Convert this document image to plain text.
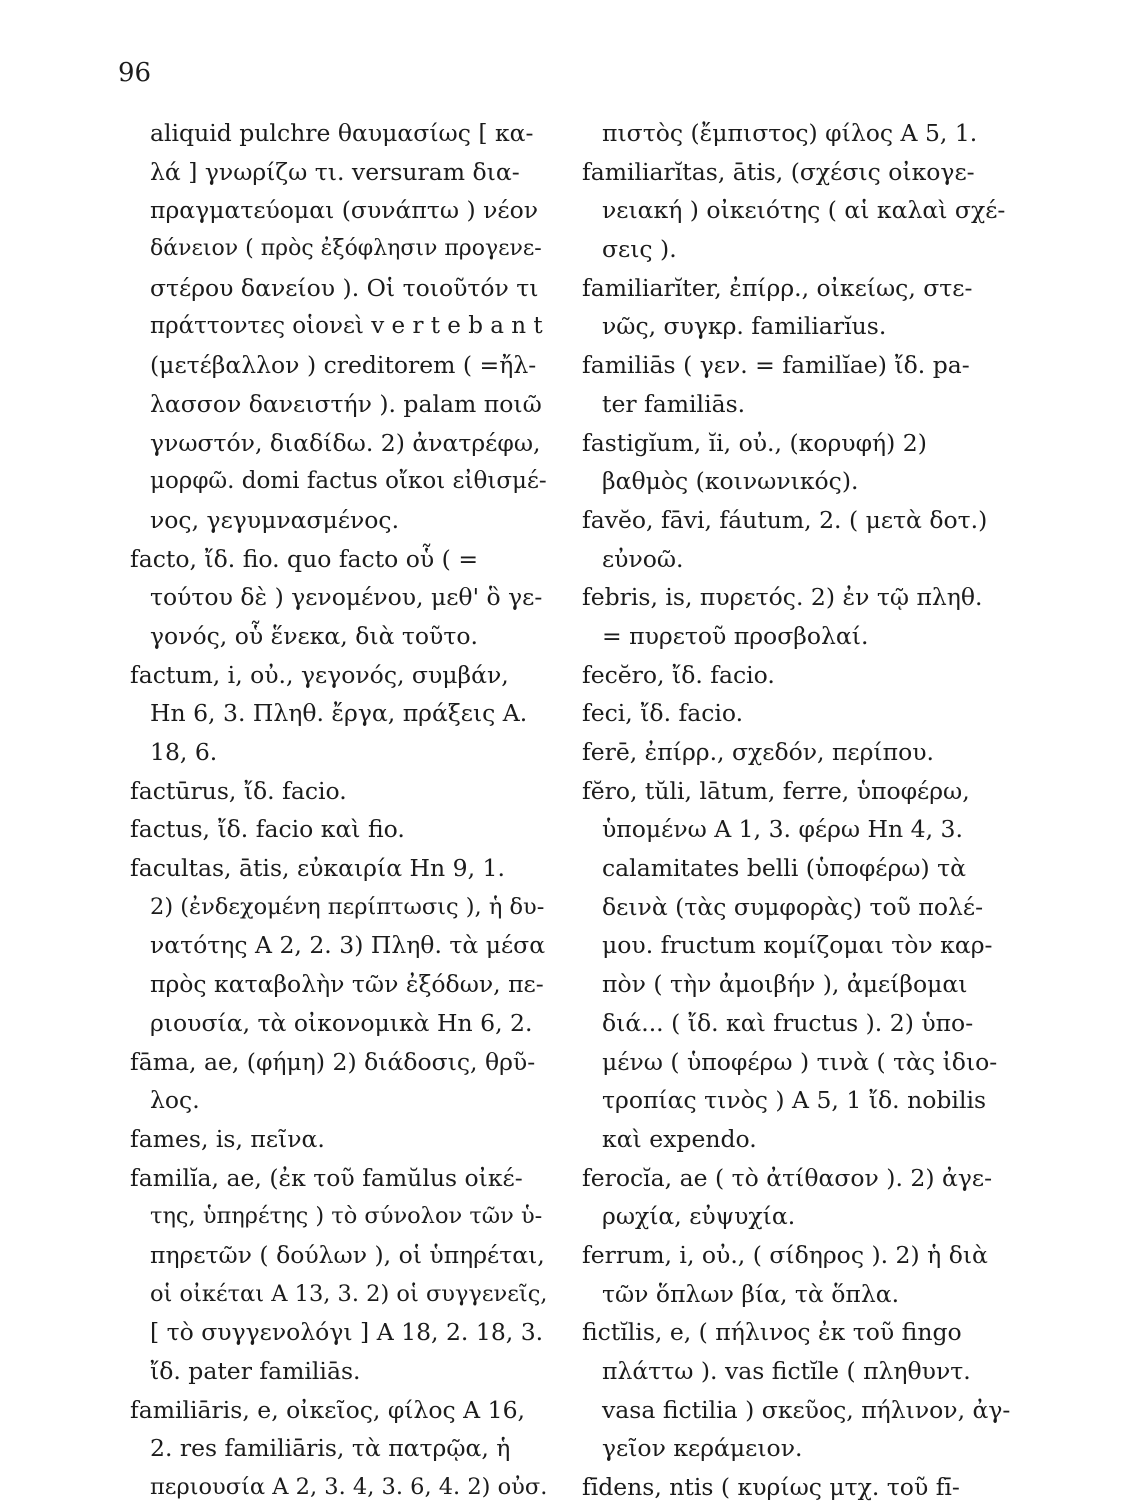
96
aliquid pulchre θαυμασίως [ κα-
λά ] γνωρίζω τι. versuram δια-
πραγματεύομαι (συνάπτω ) νέον
δάνειον ( πρὸς ἐξόφλησιν προγενε-
στέρου δανείου ). Οἱ τοιοῦτόν τι
πράττοντες οἱονεὶ v e r t e b a n t
(μετέβαλλον ) creditorem ( =ἤλ-
λασσον δανειστήν ). palam ποιῶ
γνωστόν, διαδίδω. 2) ἀνατρέφω,
μορφῶ. domi factus οἴκοι εἰθισμέ-
νος, γεγυμνασμένος.
facto, ἴδ. fio. quo facto οὗ ( =
τούτου δὲ ) γενομένου, μεθ' ὃ γε-
γονός, οὗ ἕνεκα, διὰ τοῦτο.
factum, i, οὐ., γεγονός, συμβάν,
Hn 6, 3. Πληθ. ἔργα, πράξεις A.
18, 6.
factūrus, ἴδ. facio.
factus, ἴδ. facio καὶ fio.
facultas, ātis, εὐκαιρία Hn 9, 1.
2) (ἐνδεχομένη περίπτωσις ), ἡ δυ-
νατότης A 2, 2. 3) Πληθ. τὰ μέσα
πρὸς καταβολὴν τῶν ἐξόδων, πε-
ριουσία, τὰ οἰκονομικὰ Hn 6, 2.
fāma, ae, (φήμη) 2) διάδοσις, θρῦ-
λος.
fames, is, πεῖνα.
familĭa, ae, (ἐκ τοῦ famŭlus οἰκέ-
της, ὑπηρέτης ) τὸ σύνολον τῶν ὑ-
πηρετῶν ( δούλων ), οἱ ὑπηρέται,
οἱ οἰκέται A 13, 3. 2) οἱ συγγενεῖς,
[ τὸ συγγενολόγι ] A 18, 2. 18, 3.
ἴδ. pater familiās.
familiāris, e, οἰκεῖος, φίλος A 16,
2. res familiāris, τὰ πατρῷα, ἡ
περιουσία A 2, 3. 4, 3. 6, 4. 2) οὐσ.
πιστὸς (ἔμπιστος) φίλος A 5, 1.
familiarĭtas, ātis, (σχέσις οἰκογε-
νειακή ) οἰκειότης ( αἱ καλαὶ σχέ-
σεις ).
familiarĭter, ἐπίρρ., οἰκείως, στε-
νῶς, συγκρ. familiarĭus.
familiās ( γεν. = familĭae) ἴδ. pa-
ter familiās.
fastigĭum, ĭi, οὐ., (κορυφή) 2)
βαθμὸς (κοινωνικός).
favĕo, fāvi, fáutum, 2. ( μετὰ δοτ.)
εὐνοῶ.
febris, is, πυρετός. 2) ἐν τῷ πληθ.
= πυρετοῦ προσβολαί.
fecĕro, ἴδ. facio.
feci, ἴδ. facio.
ferē, ἐπίρρ., σχεδόν, περίπου.
fĕro, tŭli, lātum, ferre, ὑποφέρω,
ὑπομένω A 1, 3. φέρω Hn 4, 3.
calamitates belli (ὑποφέρω) τὰ
δεινὰ (τὰς συμφορὰς) τοῦ πολέ-
μου. fructum κομίζομαι τὸν καρ-
πὸν ( τὴν ἀμοιβήν ), ἀμείβομαι
διά... ( ἴδ. καὶ fructus ). 2) ὑπο-
μένω ( ὑποφέρω ) τινὰ ( τὰς ἰδιο-
τροπίας τινὸς ) A 5, 1 ἴδ. nobilis
καὶ expendo.
ferocĭa, ae ( τὸ ἀτίθασον ). 2) ἀγε-
ρωχία, εὐψυχία.
ferrum, i, οὐ., ( σίδηρος ). 2) ἡ διὰ
τῶν ὅπλων βία, τὰ ὅπλα.
fictĭlis, e, ( πήλινος ἐκ τοῦ fingo
πλάττω ). vas fictĭle ( πληθυντ.
vasa fictilia ) σκεῦος, πήλινον, ἀγ-
γεῖον κεράμειον.
fīdens, ntis ( κυρίως μτχ. τοῦ fī-
